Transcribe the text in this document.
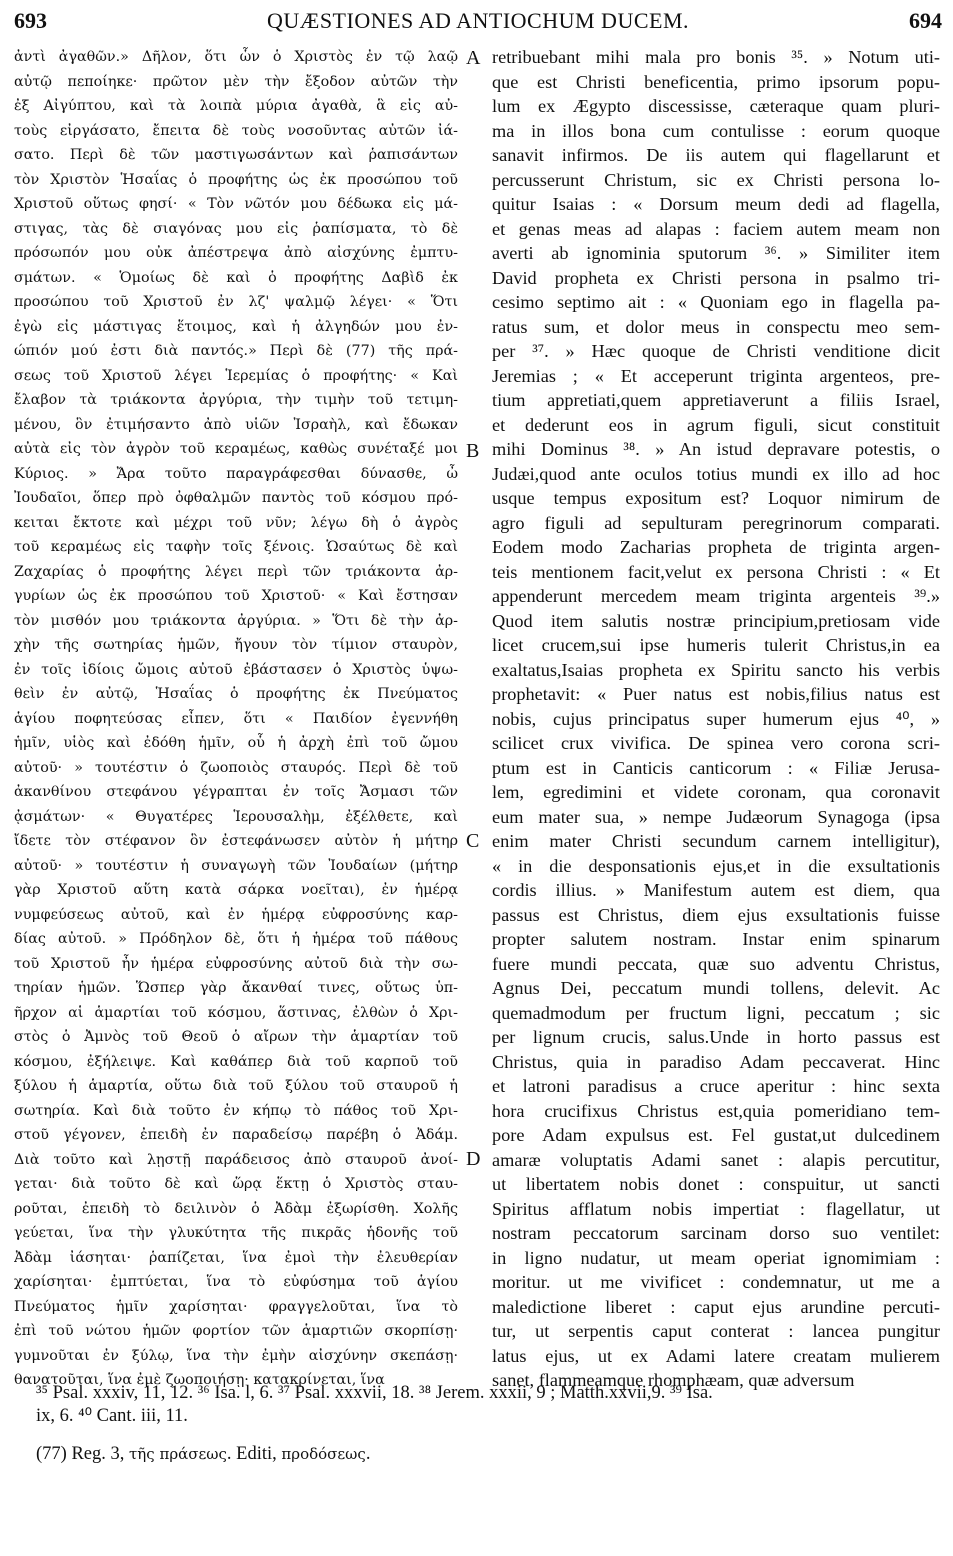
693	QUÆSTIONES AD ANTIOCHUM DUCEM.	694
ἀντὶ ἀγαθῶν.» Δῆλον, ὅτι ὧν ὁ Χριστὸς ἐν τῷ λαῷ
αὐτῷ πεποίηκε· πρῶτον μὲν τὴν ἔξοδον αὐτῶν τὴν
ἐξ Αἰγύπτου, καὶ τὰ λοιπὰ μύρια ἀγαθὰ, ἃ εἰς αὐ-
τοὺς εἰργάσατο, ἔπειτα δὲ τοὺς νοσοῦντας αὐτῶν ἰά-
σατο. Περὶ δὲ τῶν μαστιγωσάντων καὶ ῥαπισάντων
τὸν Χριστὸν Ἡσαΐας ὁ προφήτης ὡς ἐκ προσώπου τοῦ
Χριστοῦ οὕτως φησί· « Τὸν νῶτόν μου δέδωκα εἰς μά-
στιγας, τὰς δὲ σιαγόνας μου εἰς ῥαπίσματα, τὸ δὲ
πρόσωπόν μου οὐκ ἀπέστρεψα ἀπὸ αἰσχύνης ἐμπτυ-
σμάτων. « Ὁμοίως δὲ καὶ ὁ προφήτης Δαβὶδ ἐκ
προσώπου τοῦ Χριστοῦ ἐν λζ' ψαλμῷ λέγει· « Ὅτι
ἐγὼ εἰς μάστιγας ἕτοιμος, καὶ ἡ ἀλγηδών μου ἐν-
ώπιόν μού ἐστι διὰ παντός.» Περὶ δὲ (77) τῆς πρά-
σεως τοῦ Χριστοῦ λέγει Ἱερεμίας ὁ προφήτης· « Καὶ
ἔλαβον τὰ τριάκοντα ἀργύρια, τὴν τιμὴν τοῦ τετιμη-
μένου, ὃν ἐτιμήσαντο ἀπὸ υἱῶν Ἰσραὴλ, καὶ ἔδωκαν
αὐτὰ εἰς τὸν ἀγρὸν τοῦ κεραμέως, καθὼς συνέταξέ μοι
Κύριος. » Ἄρα τοῦτο παραγράφεσθαι δύνασθε, ὦ
Ἰουδαῖοι, ὅπερ πρὸ ὀφθαλμῶν παντὸς τοῦ κόσμου πρό-
κειται ἔκτοτε καὶ μέχρι τοῦ νῦν; λέγω δὴ ὁ ἀγρὸς
τοῦ κεραμέως εἰς ταφὴν τοῖς ξένοις. Ὡσαύτως δὲ καὶ
Ζαχαρίας ὁ προφήτης λέγει περὶ τῶν τριάκοντα ἀρ-
γυρίων ὡς ἐκ προσώπου τοῦ Χριστοῦ· « Καὶ ἔστησαν
τὸν μισθόν μου τριάκοντα ἀργύρια. » Ὅτι δὲ τὴν ἀρ-
χὴν τῆς σωτηρίας ἡμῶν, ἤγουν τὸν τίμιον σταυρὸν,
ἐν τοῖς ἰδίοις ὤμοις αὐτοῦ ἐβάστασεν ὁ Χριστὸς ὑψω-
θεὶν ἐν αὐτῷ, Ἡσαΐας ὁ προφήτης ἐκ Πνεύματος
ἁγίου ποφητεύσας εἶπεν, ὅτι « Παιδίον ἐγεννήθη
ἡμῖν, υἱὸς καὶ ἐδόθη ἡμῖν, οὗ ἡ ἀρχὴ ἐπὶ τοῦ ὤμου
αὐτοῦ· » τουτέστιν ὁ ζωοποιὸς σταυρός. Περὶ δὲ τοῦ
ἀκανθίνου στεφάνου γέγραπται ἐν τοῖς Ἄσμασι τῶν
ᾀσμάτων· « Θυγατέρες Ἱερουσαλὴμ, ἐξέλθετε, καὶ
ἴδετε τὸν στέφανον ὃν ἐστεφάνωσεν αὐτὸν ἡ μήτηρ
αὐτοῦ· » τουτέστιν ἡ συναγωγὴ τῶν Ἰουδαίων (μήτηρ
γὰρ Χριστοῦ αὕτη κατὰ σάρκα νοεῖται), ἐν ἡμέρᾳ
νυμφεύσεως αὐτοῦ, καὶ ἐν ἡμέρᾳ εὐφροσύνης καρ-
δίας αὐτοῦ. » Πρόδηλον δὲ, ὅτι ἡ ἡμέρα τοῦ πάθους
τοῦ Χριστοῦ ἦν ἡμέρα εὐφροσύνης αὐτοῦ διὰ τὴν σω-
τηρίαν ἡμῶν. Ὥσπερ γὰρ ἄκανθαί τινες, οὕτως ὑπ-
ῆρχον αἱ ἁμαρτίαι τοῦ κόσμου, ἅστινας, ἐλθὼν ὁ Χρι-
στὸς ὁ Ἀμνὸς τοῦ Θεοῦ ὁ αἴρων τὴν ἁμαρτίαν τοῦ
κόσμου, ἐξήλειψε. Καὶ καθάπερ διὰ τοῦ καρποῦ τοῦ
ξύλου ἡ ἁμαρτία, οὕτω διὰ τοῦ ξύλου τοῦ σταυροῦ ἡ
σωτηρία. Καὶ διὰ τοῦτο ἐν κήπῳ τὸ πάθος τοῦ Χρι-
στοῦ γέγονεν, ἐπειδὴ ἐν παραδείσῳ παρέβη ὁ Ἀδάμ.
Διὰ τοῦτο καὶ λῃστῇ παράδεισος ἀπὸ σταυροῦ ἀνοί-
γεται· διὰ τοῦτο δὲ καὶ ὥρᾳ ἕκτῃ ὁ Χριστὸς σταυ-
ροῦται, ἐπειδὴ τὸ δειλινὸν ὁ Ἀδὰμ ἐξωρίσθη. Χολῆς
γεύεται, ἵνα τὴν γλυκύτητα τῆς πικρᾶς ἡδονῆς τοῦ
Ἀδὰμ ἰάσηται· ῥαπίζεται, ἵνα ἐμοὶ τὴν ἐλευθερίαν
χαρίσηται· ἐμπτύεται, ἵνα τὸ εὐφύσημα τοῦ ἁγίου
Πνεύματος ἡμῖν χαρίσηται· φραγγελοῦται, ἵνα τὸ
ἐπὶ τοῦ νώτου ἡμῶν φορτίον τῶν ἁμαρτιῶν σκορπίσῃ·
γυμνοῦται ἐν ξύλῳ, ἵνα τὴν ἐμὴν αἰσχύνην σκεπάσῃ·
θανατοῦται, ἵνα ἐμὲ ζωοποιήσῃ· κατακρίνεται, ἵνα
A
B
C
D
retribuebant mihi mala pro bonis ³⁵. » Notum uti-
que est Christi beneficentia, primo ipsorum popu-
lum ex Ægypto discessisse, cæteraque quam pluri-
ma in illos bona cum contulisse : eorum quoque
sanavit infirmos. De iis autem qui flagellarunt et
percusserunt Christum, sic ex Christi persona lo-
quitur Isaias : « Dorsum meum dedi ad flagella,
et genas meas ad alapas : faciem autem meam non
averti ab ignominia sputorum ³⁶. » Similiter item
David propheta ex Christi persona in psalmo tri-
cesimo septimo ait : « Quoniam ego in flagella pa-
ratus sum, et dolor meus in conspectu meo sem-
per ³⁷. » Hæc quoque de Christi venditione dicit
Jeremias ; « Et acceperunt triginta argenteos, pre-
tium appretiati,quem appretiaverunt a filiis Israel,
et dederunt eos in agrum figuli, sicut constituit
mihi Dominus ³⁸. » An istud depravare potestis, o
Judæi,quod ante oculos totius mundi ex illo ad hoc
usque tempus expositum est? Loquor nimirum de
agro figuli ad sepulturam peregrinorum comparati.
Eodem modo Zacharias propheta de triginta argen-
teis mentionem facit,velut ex persona Christi : « Et
appenderunt mercedem meam triginta argenteis ³⁹.»
Quod item salutis nostræ principium,pretiosam vide
licet crucem,sui ipse humeris tulerit Christus,in ea
exaltatus,Isaias propheta ex Spiritu sancto his verbis
prophetavit: « Puer natus est nobis,filius natus est
nobis, cujus principatus super humerum ejus ⁴⁰, »
scilicet crux vivifica. De spinea vero corona scri-
ptum est in Canticis canticorum : « Filiæ Jerusa-
lem, egredimini et videte coronam, qua coronavit
eum mater sua, » nempe Judæorum Synagoga (ipsa
enim mater Christi secundum carnem intelligitur),
« in die desponsationis ejus,et in die exsultationis
cordis illius. » Manifestum autem est diem, qua
passus est Christus, diem ejus exsultationis fuisse
propter salutem nostram. Instar enim spinarum
fuere mundi peccata, quæ suo adventu Christus,
Agnus Dei, peccatum mundi tollens, delevit. Ac
quemadmodum per fructum ligni, peccatum ; sic
per lignum crucis, salus.Unde in horto passus est
Christus, quia in paradiso Adam peccaverat. Hinc
et latroni paradisus a cruce aperitur : hinc sexta
hora crucifixus Christus est,quia pomeridiano tem-
pore Adam expulsus est. Fel gustat,ut dulcedinem
amaræ voluptatis Adami sanet : alapis percutitur,
ut libertatem nobis donet : conspuitur, ut sancti
Spiritus afflatum nobis impertiat : flagellatur, ut
nostram peccatorum sarcinam dorso suo ventilet:
in ligno nudatur, ut meam operiat ignomimiam :
moritur. ut me vivificet : condemnatur, ut me a
maledictione liberet : caput ejus arundine percuti-
tur, ut serpentis caput conterat : lancea pungitur
latus ejus, ut ex Adami latere creatam mulierem
sanet, flammeamque rhomphæam, quæ adversum
³⁵ Psal. xxxiv, 11, 12. ³⁶ Isa. l, 6. ³⁷ Psal. xxxvii, 18. ³⁸ Jerem. xxxii, 9 ; Matth.xxvii,9. ³⁹ Isa.
ix, 6. ⁴⁰ Cant. iii, 11.
(77) Reg. 3, τῆς πράσεως. Editi, προδόσεως.
